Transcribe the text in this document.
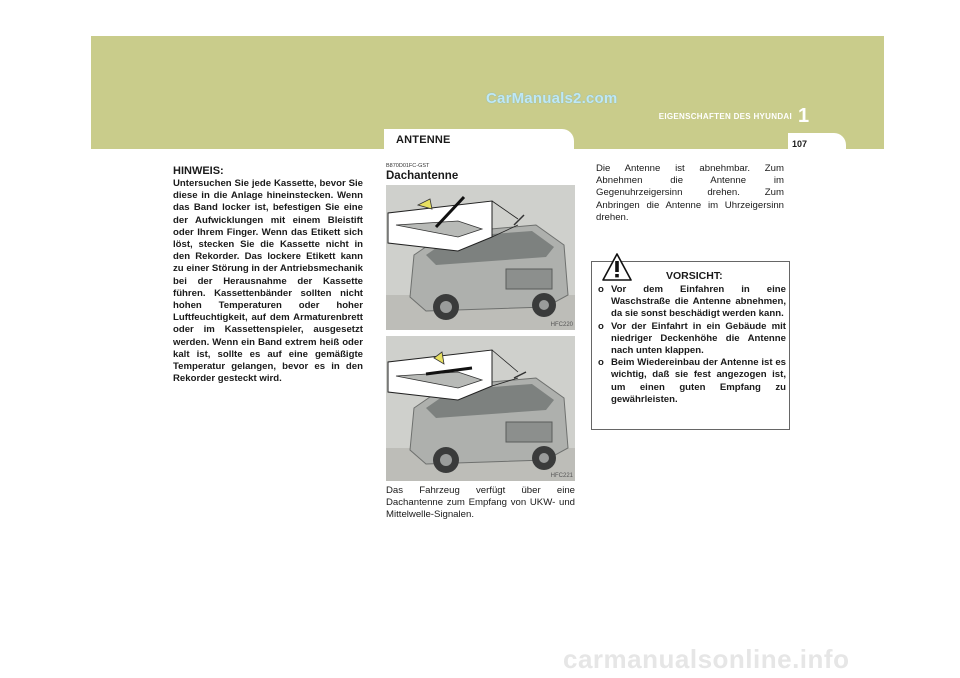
CarManuals2.com
EIGENSCHAFTEN DES HYUNDAI 1
ANTENNE	107

HINWEIS:

Untersuchen Sie jede Kassette, bevor Sie diese in die Anlage hineinstecken. Wenn das Band locker ist, befestigen Sie eine der Aufwicklungen mit einem Bleistift oder Ihrem Finger. Wenn das Etikett sich löst, stecken Sie die Kassette nicht in den Rekorder. Das lockere Etikett kann zu einer Störung in der Antriebsmechanik bei der Herausnahme der Kassette führen. Kassettenbänder sollten nicht hohen Temperaturen oder hoher Luftfeuchtigkeit, auf dem Armaturenbrett oder im Kassettenspieler, ausgesetzt werden. Wenn ein Band extrem heiß oder kalt ist, sollte es auf eine gemäßigte Temperatur gelangen, bevor es in den Rekorder gesteckt wird.

B870D01FC-GST

Dachantenne
HFC220
HFC221

Das Fahrzeug verfügt über eine Dachantenne zum Empfang von UKW- und Mittelwelle-Signalen.

Die Antenne ist abnehmbar. Zum Abnehmen die Antenne im Gegenuhrzeigersinn drehen. Zum Anbringen die Antenne im Uhrzeigersinn drehen.

VORSICHT:
o Vor dem Einfahren in eine Waschstraße die Antenne abnehmen, da sie sonst beschädigt werden kann.
o Vor der Einfahrt in ein Gebäude mit niedriger Deckenhöhe die Antenne nach unten klappen.
o Beim Wiedereinbau der Antenne ist es wichtig, daß sie fest angezogen ist, um einen guten Empfang zu gewährleisten.
carmanualsonline.info
